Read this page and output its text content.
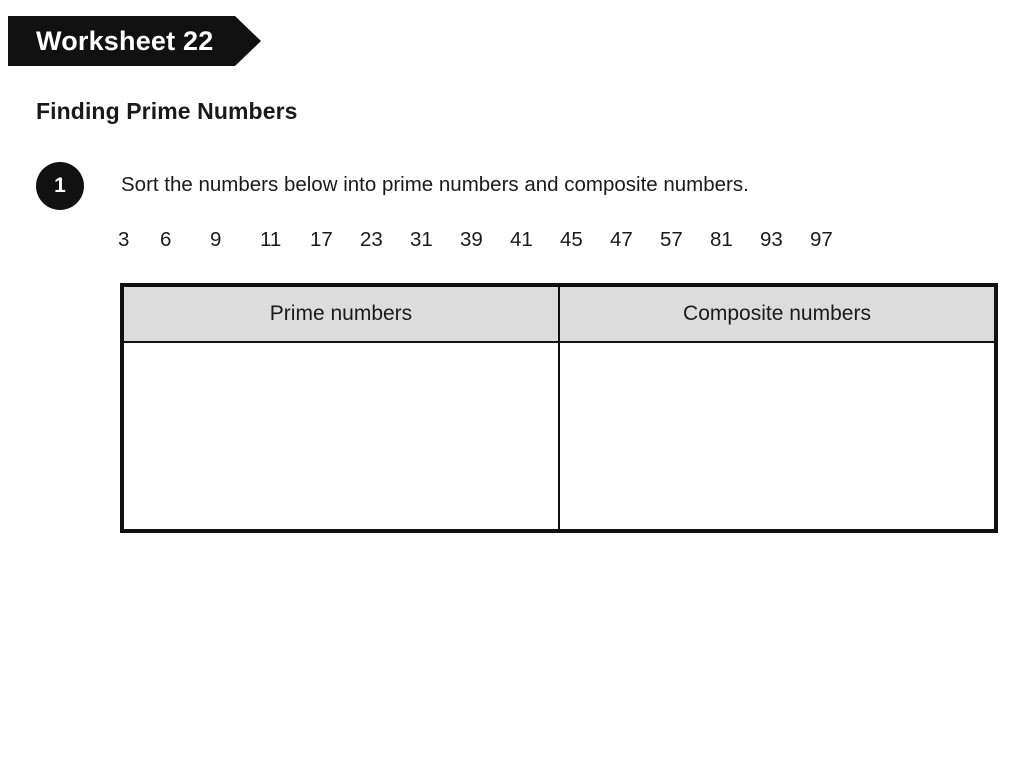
Worksheet 22
Finding Prime Numbers
1	Sort the numbers below into prime numbers and composite numbers.
3	6	9	11	17	23	31	39	41	45	47	57	81	93	97
Prime numbers	Composite numbers
